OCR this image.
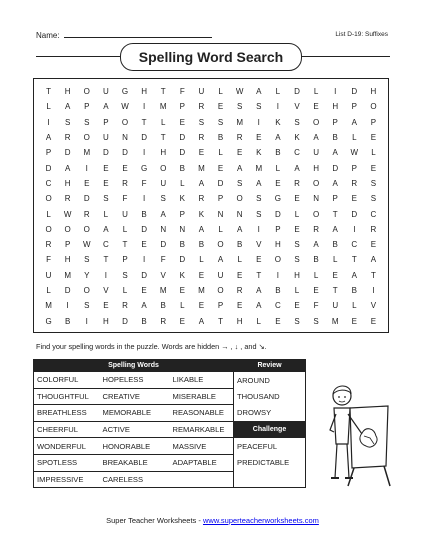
Name:	List D-19: Suffixes
Spelling Word Search
T	H	O	U	G	H	T	F	U	L	W	A	L	D	L	I	D	H
L	A	P	A	W	I	M	P	R	E	S	S	I	V	E	H	P	O
I	S	S	P	O	T	L	E	S	S	M	I	K	S	O	P	A	P
A	R	O	U	N	D	T	D	R	B	R	E	A	K	A	B	L	E
P	D	M	D	D	I	H	D	E	L	E	K	B	C	U	A	W	L
D	A	I	E	E	G	O	B	M	E	A	M	L	A	H	D	P	E
C	H	E	E	R	F	U	L	A	D	S	A	E	R	O	A	R	S
O	R	D	S	F	I	S	K	R	P	O	S	G	E	N	P	E	S
L	W	R	L	U	B	A	P	K	N	N	S	D	L	O	T	D	C
O	O	O	A	L	D	N	N	A	L	A	I	P	E	R	A	I	R
R	P	W	C	T	E	D	B	B	O	B	V	H	S	A	B	C	E
F	H	S	T	P	I	F	D	L	A	L	E	O	S	B	L	T	A
U	M	Y	I	S	D	V	K	E	U	E	T	I	H	L	E	A	T
L	D	O	V	L	E	M	E	M	O	R	A	B	L	E	T	B	I
M	I	S	E	R	A	B	L	E	P	E	A	C	E	F	U	L	V
G	B	I	H	D	B	R	E	A	T	H	L	E	S	S	M	E	E
Find your spelling words in the puzzle. Words are hidden → , ↓ , and ↘.
Spelling Words			Review
COLORFUL	HOPELESS	LIKABLE	AROUND
THOUGHTFUL	CREATIVE	MISERABLE	THOUSAND
BREATHLESS	MEMORABLE	REASONABLE	DROWSY
CHEERFUL	ACTIVE	REMARKABLE	Challenge
WONDERFUL	HONORABLE	MASSIVE	PEACEFUL
SPOTLESS	BREAKABLE	ADAPTABLE	PREDICTABLE
IMPRESSIVE	CARELESS		
Super Teacher Worksheets - www.superteacherworksheets.com
